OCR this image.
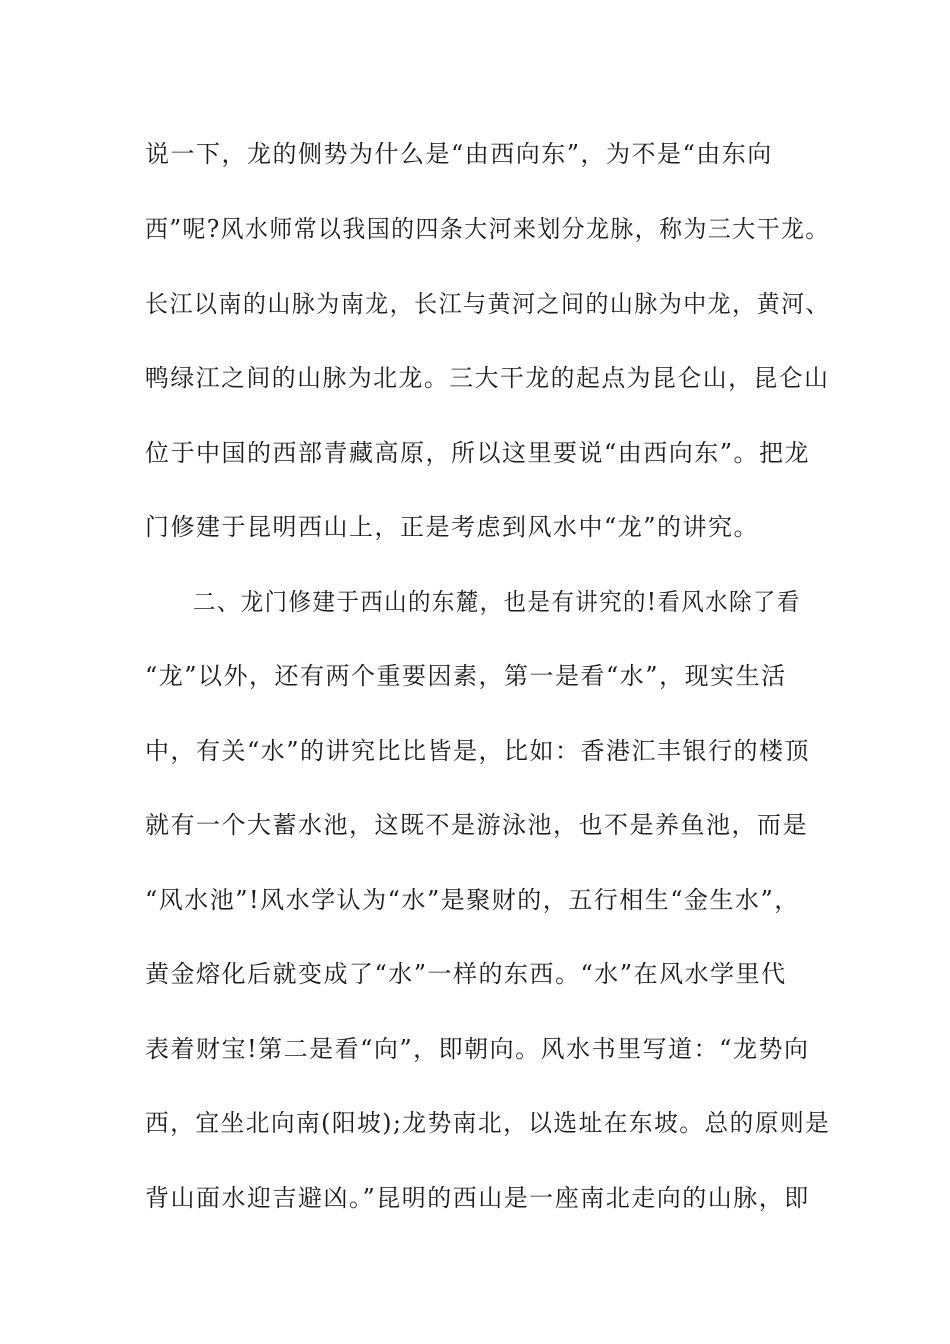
说一下，龙的侧势为什么是“由西向东”，为不是“由东向
西”呢?风水师常以我国的四条大河来划分龙脉，称为三大干龙。
长江以南的山脉为南龙，长江与黄河之间的山脉为中龙，黄河、
鸭绿江之间的山脉为北龙。三大干龙的起点为昆仑山，昆仑山
位于中国的西部青藏高原，所以这里要说“由西向东”。把龙
门修建于昆明西山上，正是考虑到风水中“龙”的讲究。
二、龙门修建于西山的东麓，也是有讲究的!看风水除了看
“龙”以外，还有两个重要因素，第一是看“水”，现实生活
中，有关“水”的讲究比比皆是，比如：香港汇丰银行的楼顶
就有一个大蓄水池，这既不是游泳池，也不是养鱼池，而是
“风水池”!风水学认为“水”是聚财的，五行相生“金生水”，
黄金熔化后就变成了“水”一样的东西。“水”在风水学里代
表着财宝!第二是看“向”，即朝向。风水书里写道：“龙势向
西，宜坐北向南(阳坡);龙势南北，以选址在东坡。总的原则是
背山面水迎吉避凶。”昆明的西山是一座南北走向的山脉，即
